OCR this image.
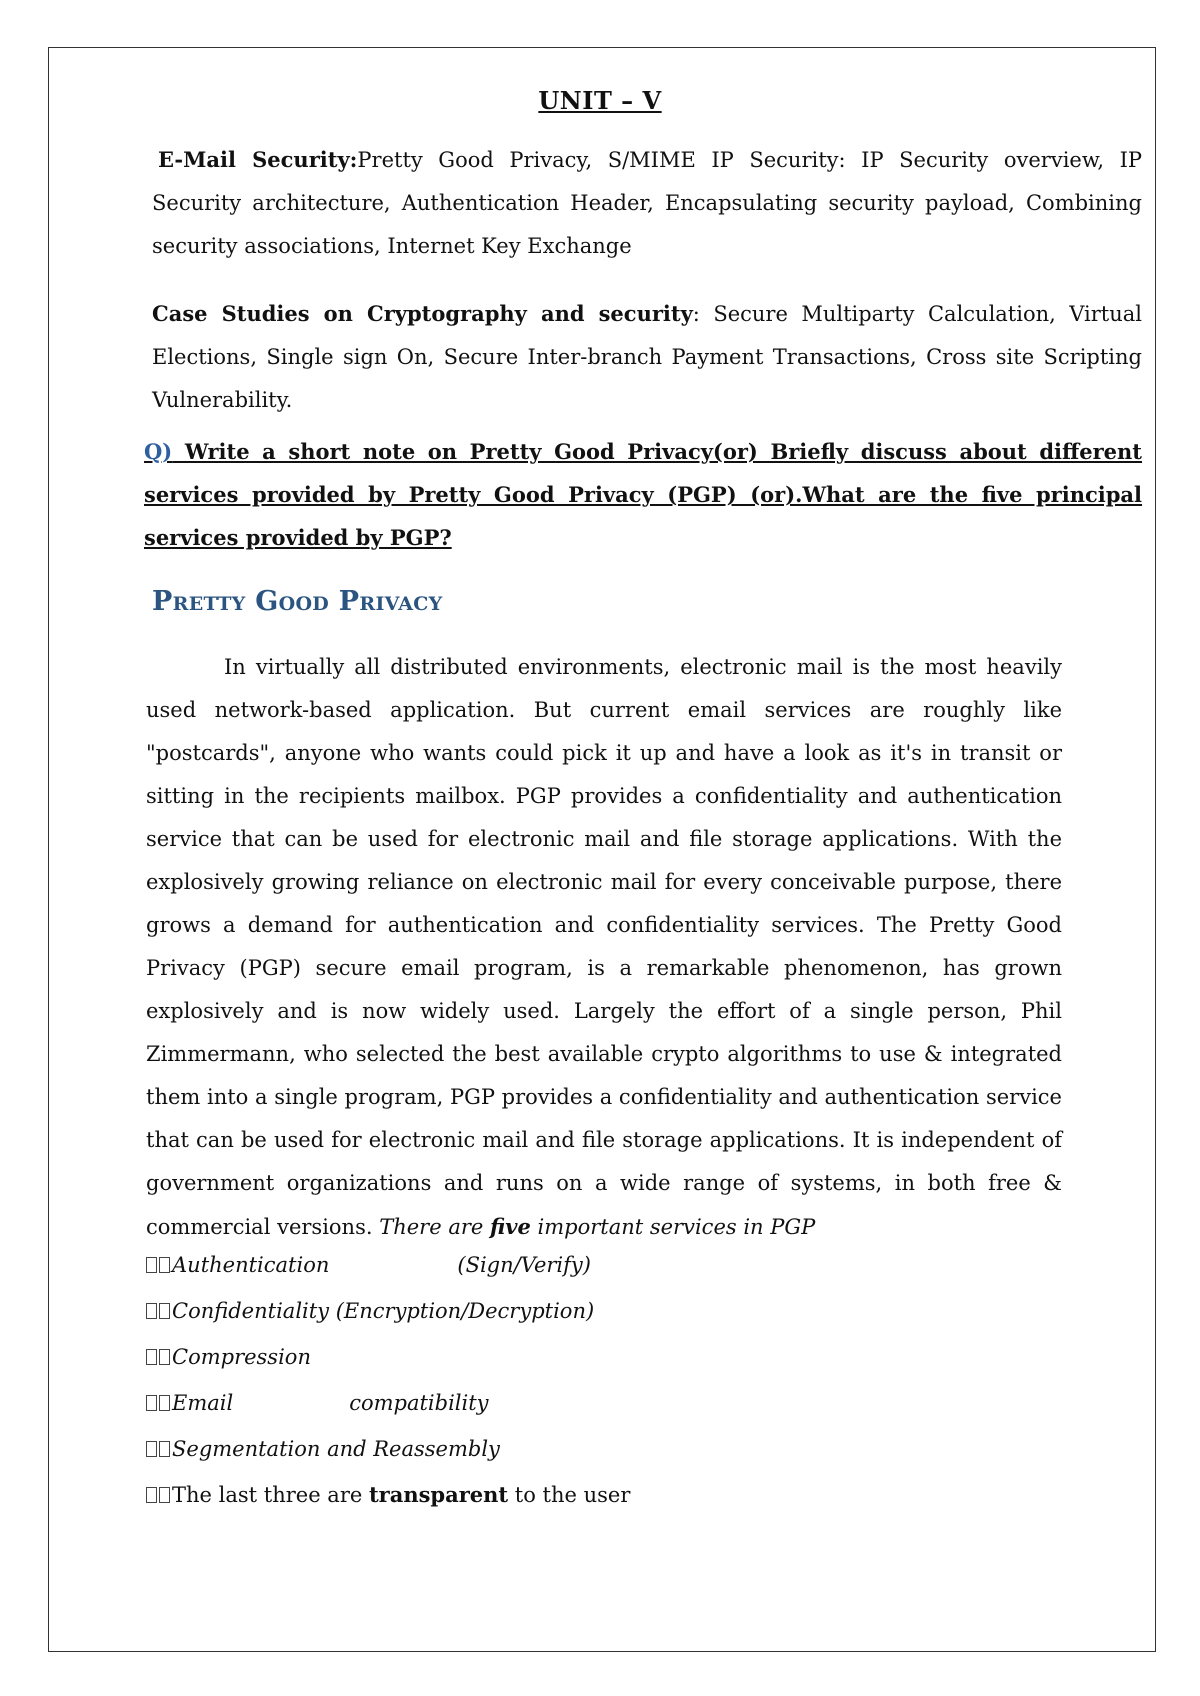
UNIT – V

E-Mail Security:Pretty Good Privacy, S/MIME IP Security: IP Security overview, IP Security architecture, Authentication Header, Encapsulating security payload, Combining security associations, Internet Key Exchange

Case Studies on Cryptography and security: Secure Multiparty Calculation, Virtual Elections, Single sign On, Secure Inter-branch Payment Transactions, Cross site Scripting Vulnerability.

Q) Write a short note on Pretty Good Privacy(or) Briefly discuss about different services provided by Pretty Good Privacy (PGP) (or).What are the five principal services provided by PGP?

Pretty Good Privacy

In virtually all distributed environments, electronic mail is the most heavily used network-based application. But current email services are roughly like "postcards", anyone who wants could pick it up and have a look as it's in transit or sitting in the recipients mailbox. PGP provides a confidentiality and authentication service that can be used for electronic mail and file storage applications. With the explosively growing reliance on electronic mail for every conceivable purpose, there grows a demand for authentication and confidentiality services. The Pretty Good Privacy (PGP) secure email program, is a remarkable phenomenon, has grown explosively and is now widely used. Largely the effort of a single person, Phil Zimmermann, who selected the best available crypto algorithms to use & integrated them into a single program, PGP provides a confidentiality and authentication service that can be used for electronic mail and file storage applications. It is independent of government organizations and runs on a wide range of systems, in both free & commercial versions. There are five important services in PGP

Authentication	(Sign/Verify)
Confidentiality (Encryption/Decryption)
Compression
Email	compatibility
Segmentation and Reassembly
The last three are transparent to the user
